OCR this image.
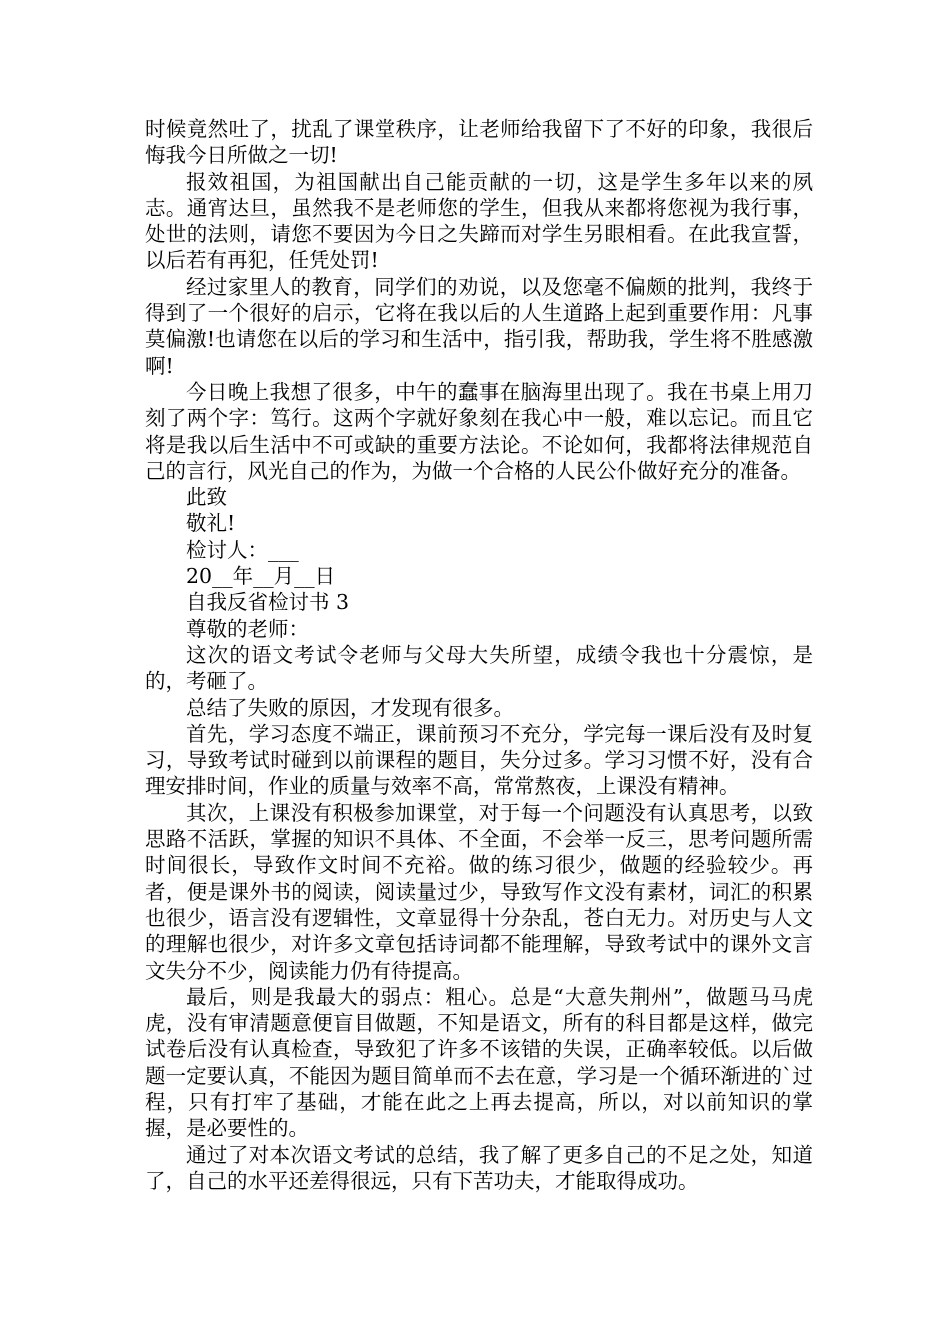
时候竟然吐了，扰乱了课堂秩序，让老师给我留下了不好的印象，我很后悔我今日所做之一切!

报效祖国，为祖国献出自己能贡献的一切，这是学生多年以来的夙志。通宵达旦，虽然我不是老师您的学生，但我从来都将您视为我行事，处世的法则，请您不要因为今日之失蹄而对学生另眼相看。在此我宣誓，以后若有再犯，任凭处罚!

经过家里人的教育，同学们的劝说，以及您毫不偏颇的批判，我终于得到了一个很好的启示，它将在我以后的人生道路上起到重要作用：凡事莫偏激!也请您在以后的学习和生活中，指引我，帮助我，学生将不胜感激啊!

今日晚上我想了很多，中午的蠢事在脑海里出现了。我在书桌上用刀刻了两个字：笃行。这两个字就好象刻在我心中一般，难以忘记。而且它将是我以后生活中不可或缺的重要方法论。不论如何，我都将法律规范自己的言行，风光自己的作为，为做一个合格的人民公仆做好充分的准备。

此致

敬礼!

检讨人：___

20__年__月__日

自我反省检讨书 3

尊敬的老师：

这次的语文考试令老师与父母大失所望，成绩令我也十分震惊，是的，考砸了。

总结了失败的原因，才发现有很多。

首先，学习态度不端正，课前预习不充分，学完每一课后没有及时复习，导致考试时碰到以前课程的题目，失分过多。学习习惯不好，没有合理安排时间，作业的质量与效率不高，常常熬夜，上课没有精神。

其次，上课没有积极参加课堂，对于每一个问题没有认真思考，以致思路不活跃，掌握的知识不具体、不全面，不会举一反三，思考问题所需时间很长，导致作文时间不充裕。做的练习很少，做题的经验较少。再者，便是课外书的阅读，阅读量过少，导致写作文没有素材，词汇的积累也很少，语言没有逻辑性，文章显得十分杂乱，苍白无力。对历史与人文的理解也很少，对许多文章包括诗词都不能理解，导致考试中的课外文言文失分不少，阅读能力仍有待提高。

最后，则是我最大的弱点：粗心。总是“大意失荆州”，做题马马虎虎，没有审清题意便盲目做题，不知是语文，所有的科目都是这样，做完试卷后没有认真检查，导致犯了许多不该错的失误，正确率较低。以后做题一定要认真，不能因为题目简单而不去在意，学习是一个循环渐进的`过程，只有打牢了基础，才能在此之上再去提高，所以，对以前知识的掌握，是必要性的。

通过了对本次语文考试的总结，我了解了更多自己的不足之处，知道了，自己的水平还差得很远，只有下苦功夫，才能取得成功。
